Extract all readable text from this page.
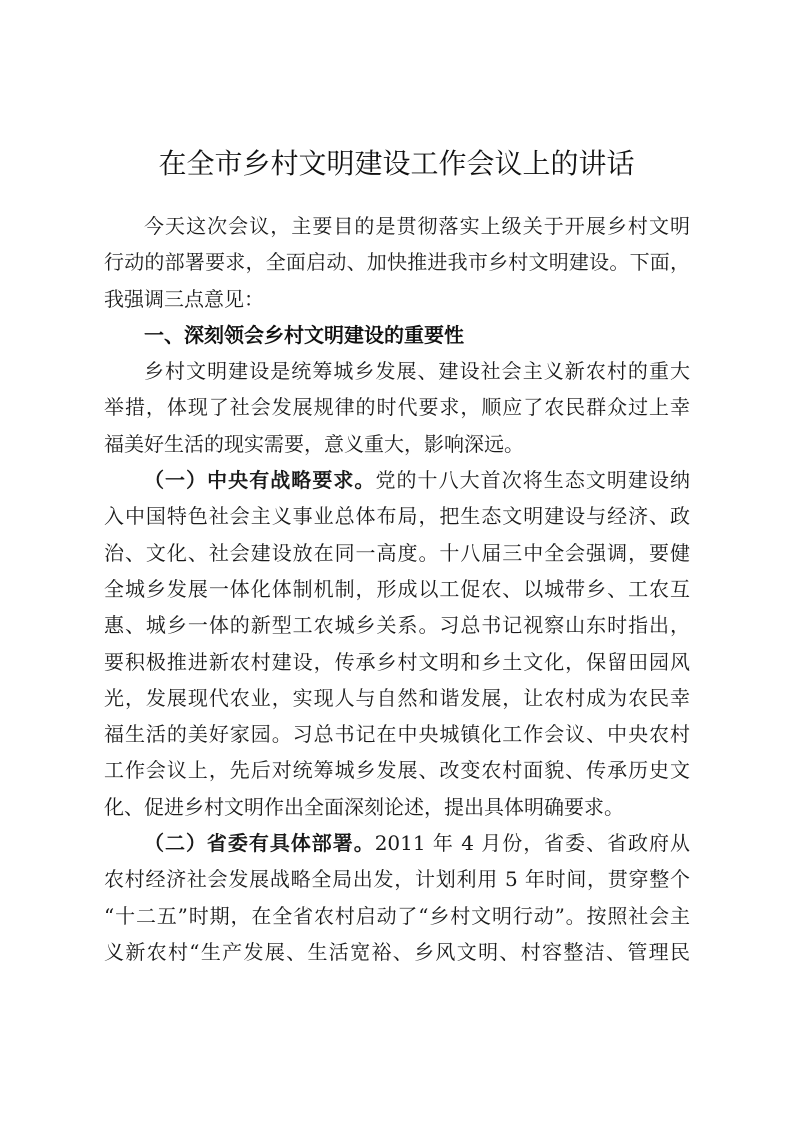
在全市乡村文明建设工作会议上的讲话
今天这次会议，主要目的是贯彻落实上级关于开展乡村文明
行动的部署要求，全面启动、加快推进我市乡村文明建设。下面，
我强调三点意见：
一、深刻领会乡村文明建设的重要性
乡村文明建设是统筹城乡发展、建设社会主义新农村的重大
举措，体现了社会发展规律的时代要求，顺应了农民群众过上幸
福美好生活的现实需要，意义重大，影响深远。
（一）中央有战略要求。党的十八大首次将生态文明建设纳
入中国特色社会主义事业总体布局，把生态文明建设与经济、政
治、文化、社会建设放在同一高度。十八届三中全会强调，要健
全城乡发展一体化体制机制，形成以工促农、以城带乡、工农互
惠、城乡一体的新型工农城乡关系。习总书记视察山东时指出，
要积极推进新农村建设，传承乡村文明和乡土文化，保留田园风
光，发展现代农业，实现人与自然和谐发展，让农村成为农民幸
福生活的美好家园。习总书记在中央城镇化工作会议、中央农村
工作会议上，先后对统筹城乡发展、改变农村面貌、传承历史文
化、促进乡村文明作出全面深刻论述，提出具体明确要求。
（二）省委有具体部署。2011 年 4 月份，省委、省政府从
农村经济社会发展战略全局出发，计划利用 5 年时间，贯穿整个
“十二五”时期，在全省农村启动了“乡村文明行动”。按照社会主
义新农村“生产发展、生活宽裕、乡风文明、村容整洁、管理民
